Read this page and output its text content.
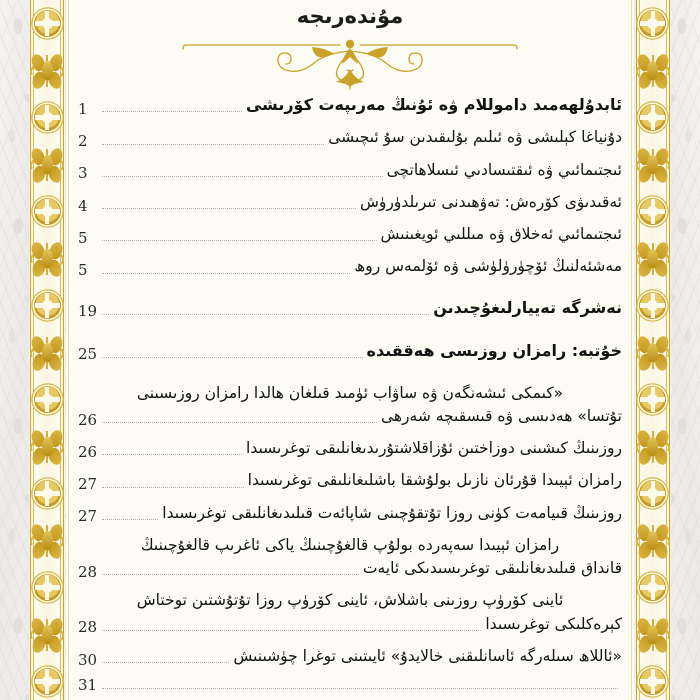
مۇندەرىجە
ئابدۇلھەمىد داموللام ۋە ئۇنىڭ مەرىپەت كۆرىشى
1
دۇنياغا كېلىشى ۋە ئىلىم بۇلىقىدىن سۇ ئىچىشى
2
ئىجتىمائىي ۋە ئىقتىسادىي ئىسلاھاتچى
3
ئەقىدىۋى كۆرەش: تەۋھىدنى تىرىلدۈرۈش
4
ئىجتىمائىي ئەخلاق ۋە مىللىي ئويغىنىش
5
مەشئەلنىڭ ئۆچۈرۈلۈشى ۋە ئۆلمەس روھ
5
نەشرگە تەييارلىغۇچىدىن
19
خۇتبە: رامزان روزىسى ھەققىدە
25
«كىمكى ئىشەنگەن ۋە ساۋاب ئۈمىد قىلغان ھالدا رامزان روزىسىنى
تۇتسا» ھەدىسى ۋە قىسقىچە شەرھى
26
روزىنىڭ كىشىنى دوزاختىن ئۇزاقلاشتۇرىدىغانلىقى توغرىسىدا
26
رامزان ئېيىدا قۇرئان نازىل بولۇشقا باشلىغانلىقى توغرىسىدا
27
روزىنىڭ قىيامەت كۈنى روزا تۇتقۇچىنى شاپائەت قىلىدىغانلىقى توغرىسىدا
27
رامزان ئېيىدا سەپەردە بولۇپ قالغۇچىنىڭ ياكى ئاغرىپ قالغۇچىنىڭ
قانداق قىلىدىغانلىقى توغرىسىدىكى ئايەت
28
ئاينى كۆرۈپ روزىنى باشلاش، ئاينى كۆرۈپ روزا تۇتۇشتىن توختاش
كېرەكلىكى توغرىسىدا
28
«ئاللاھ سىلەرگە ئاسانلىقنى خالايدۇ» ئايىتىنى توغرا چۈشىنىش
30
31
